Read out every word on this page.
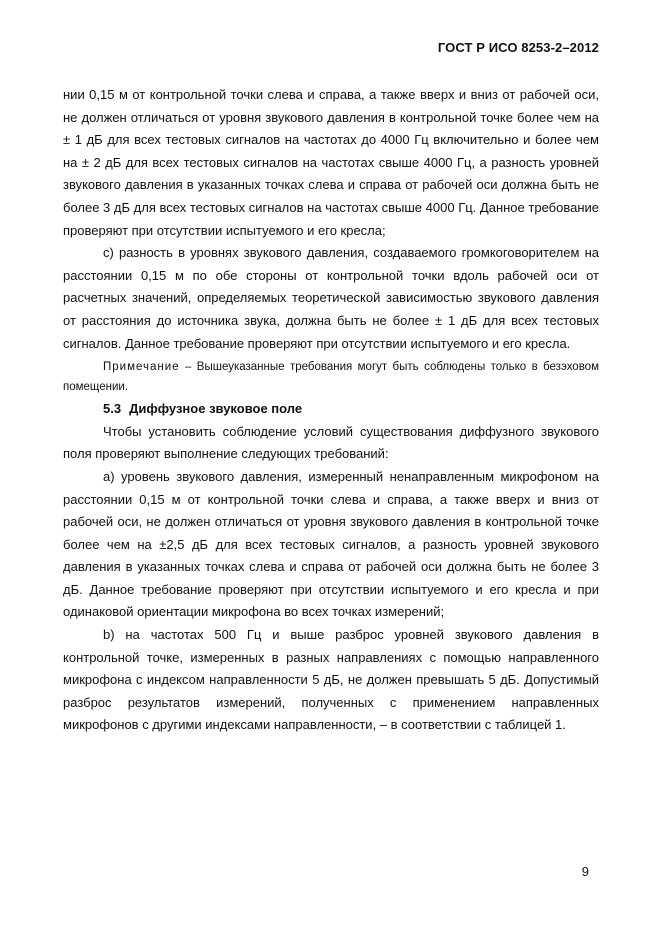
ГОСТ Р ИСО 8253-2–2012

нии 0,15 м от контрольной точки слева и справа, а также вверх и вниз от рабочей оси, не должен отличаться от уровня звукового давления в контрольной точке более чем на ± 1 дБ для всех тестовых сигналов на частотах до 4000 Гц включительно и более чем на ± 2 дБ для всех тестовых сигналов на частотах свыше 4000 Гц, а разность уровней звукового давления в указанных точках слева и справа от рабочей оси должна быть не более 3 дБ для всех тестовых сигналов на частотах свыше 4000 Гц. Данное требование проверяют при отсутствии испытуемого и его кресла;

c) разность в уровнях звукового давления, создаваемого громкоговорителем на расстоянии 0,15 м по обе стороны от контрольной точки вдоль рабочей оси от расчетных значений, определяемых теоретической зависимостью звукового давления от расстояния до источника звука, должна быть не более ± 1 дБ для всех тестовых сигналов. Данное требование проверяют при отсутствии испытуемого и его кресла.

Примечание – Вышеуказанные требования могут быть соблюдены только в безэховом помещении.

5.3 Диффузное звуковое поле

Чтобы установить соблюдение условий существования диффузного звукового поля проверяют выполнение следующих требований:

a) уровень звукового давления, измеренный ненаправленным микрофоном на расстоянии 0,15 м от контрольной точки слева и справа, а также вверх и вниз от рабочей оси, не должен отличаться от уровня звукового давления в контрольной точке более чем на ±2,5 дБ для всех тестовых сигналов, а разность уровней звукового давления в указанных точках слева и справа от рабочей оси должна быть не более 3 дБ. Данное требование проверяют при отсутствии испытуемого и его кресла и при одинаковой ориентации микрофона во всех точках измерений;

b) на частотах 500 Гц и выше разброс уровней звукового давления в контрольной точке, измеренных в разных направлениях с помощью направленного микрофона с индексом направленности 5 дБ, не должен превышать 5 дБ. Допустимый разброс результатов измерений, полученных с применением направленных микрофонов с другими индексами направленности, – в соответствии с таблицей 1.

9
